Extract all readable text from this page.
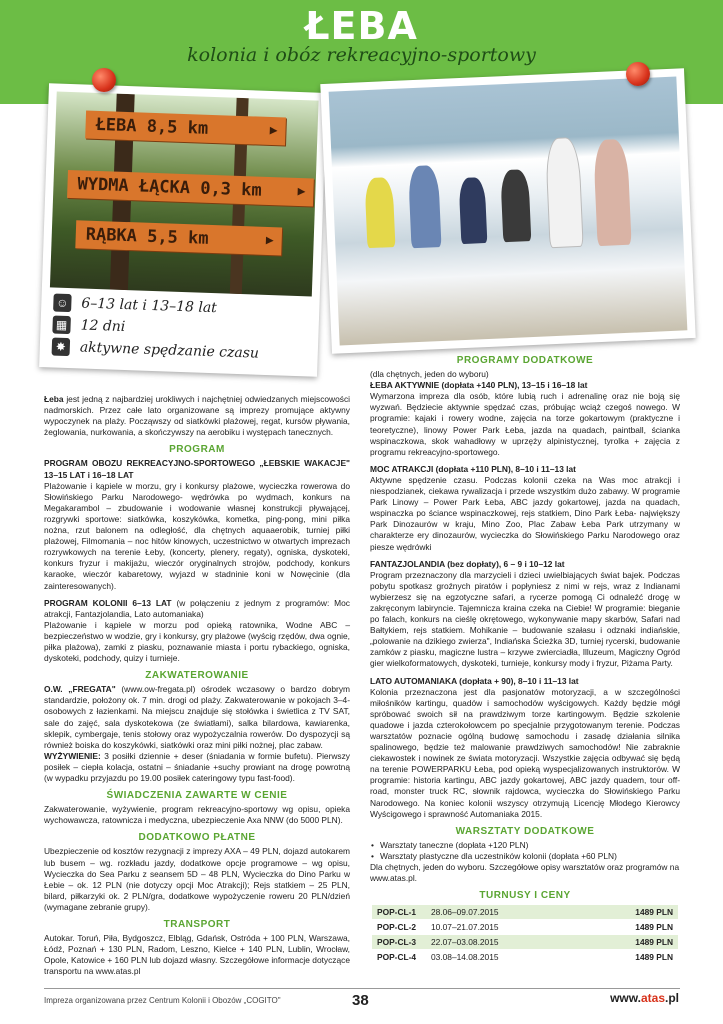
ŁEBA
kolonia i obóz rekreacyjno-sportowy
ŁEBA 8,5 km ▶
WYDMA ŁĄCKA 0,3 km ▶
RĄBKA 5,5 km ▶
☺ 6–13 lat i 13–18 lat
▦ 12 dni
✸ aktywne spędzanie czasu

Łeba jest jedną z najbardziej urokliwych i najchętniej odwiedzanych miejscowości nadmorskich. Przez całe lato organizowane są imprezy promujące aktywny wypoczynek na plaży. Począwszy od siatkówki plażowej, regat, kursów pływania, żeglowania, nurkowania, a skończywszy na aerobiku i występach tanecznych.

PROGRAM

PROGRAM OBOZU REKREACYJNO-SPORTOWEGO „ŁEBSKIE WAKACJE" 13–15 LAT i 16–18 LAT
Plażowanie i kąpiele w morzu, gry i konkursy plażowe, wycieczka rowerowa do Słowińskiego Parku Narodowego- wędrówka po wydmach, konkurs na Megakarambol – zbudowanie i wodowanie własnej konstrukcji pływającej, rozgrywki sportowe: siatkówka, koszykówka, kometka, ping-pong, mini piłka nożna, rzut balonem na odległość, dla chętnych aquaaerobik, turniej piłki plażowej, Filmomania – noc hitów kinowych, uczestnictwo w otwartych imprezach rozrywkowych na terenie Łeby, (koncerty, plenery, regaty), ogniska, dyskoteki, konkurs fryzur i makijażu, wieczór oryginalnych strojów, podchody, konkurs karaoke, wieczór kabaretowy, wyjazd w stadninie koni w Nowęcinie (dla zainteresowanych).

PROGRAM KOLONII 6–13 LAT (w połączeniu z jednym z programów: Moc atrakcji, Fantazjolandia, Lato automaniaka)
Plażowanie i kąpiele w morzu pod opieką ratownika, Wodne ABC – bezpieczeństwo w wodzie, gry i konkursy, gry plażowe (wyścig rzędów, dwa ognie, piłka plażowa), zamki z piasku, poznawanie miasta i portu rybackiego, ogniska, dyskoteki, podchody, quizy i turnieje.

ZAKWATEROWANIE

O.W. „FREGATA" (www.ow-fregata.pl) ośrodek wczasowy o bardzo dobrym standardzie, położony ok. 7 min. drogi od plaży. Zakwaterowanie w pokojach 3–4-osobowych z łazienkami. Na miejscu znajduje się stołówka i świetlica z TV SAT, sale do zajęć, sala dyskotekowa (ze światłami), salka bilardowa, kawiarenka, sklepik, cymbergaje, tenis stołowy oraz wypożyczalnia rowerów. Do dyspozycji są również boiska do koszykówki, siatkówki oraz mini piłki nożnej, plac zabaw.

WYŻYWIENIE: 3 posiłki dziennie + deser (śniadania w formie bufetu). Pierwszy posiłek – ciepła kolacja, ostatni – śniadanie +suchy prowiant na drogę powrotną (w wypadku przyjazdu po 19.00 posiłek cateringowy typu fast-food).

ŚWIADCZENIA ZAWARTE W CENIE

Zakwaterowanie, wyżywienie, program rekreacyjno-sportowy wg opisu, opieka wychowawcza, ratownicza i medyczna, ubezpieczenie Axa NNW (do 5000 PLN).

DODATKOWO PŁATNE

Ubezpieczenie od kosztów rezygnacji z imprezy AXA – 49 PLN, dojazd autokarem lub busem – wg. rozkładu jazdy, dodatkowe opcje programowe – wg opisu, Wycieczka do Sea Parku z seansem 5D – 48 PLN, Wycieczka do Dino Parku w Łebie – ok. 12 PLN (nie dotyczy opcji Moc Atrakcji); Rejs statkiem – 25 PLN, bilard, piłkarzyki ok. 2 PLN/gra, dodatkowe wypożyczenie roweru 20 PLN/dzień (wymagane zebranie grupy).

TRANSPORT

Autokar. Toruń, Piła, Bydgoszcz, Elbląg, Gdańsk, Ostróda + 100 PLN, Warszawa, Łódź, Poznań + 130 PLN, Radom, Leszno, Kielce + 140 PLN, Lublin, Wrocław, Opole, Katowice + 160 PLN lub dojazd własny. Szczegółowe informacje dotyczące transportu na www.atas.pl

PROGRAMY DODATKOWE
(dla chętnych, jeden do wyboru)

ŁEBA AKTYWNIE (dopłata +140 PLN), 13–15 i 16–18 lat
Wymarzona impreza dla osób, które lubią ruch i adrenalinę oraz nie boją się wyzwań. Będziecie aktywnie spędzać czas, próbując wciąż czegoś nowego. W programie: kajaki i rowery wodne, zajęcia na torze gokartowym (praktyczne i teoretyczne), linowy Power Park Łeba, jazda na quadach, paintball, ścianka wspinaczkowa, skok wahadłowy w uprzęży alpinistycznej, tyrolka + zajęcia z programu rekreacyjno-sportowego.

MOC ATRAKCJI (dopłata +110 PLN), 8–10 i 11–13 lat
Aktywne spędzenie czasu. Podczas kolonii czeka na Was moc atrakcji i niespodzianek, ciekawa rywalizacja i przede wszystkim dużo zabawy. W programie Park Linowy – Power Park Łeba, ABC jazdy gokartowej, jazda na quadach, wspinaczka po ściance wspinaczkowej, rejs statkiem, Dino Park Łeba- największy Park Dinozaurów w kraju, Mino Zoo, Plac Zabaw Łeba Park utrzymany w charakterze ery dinozaurów, wycieczka do Słowińskiego Parku Narodowego oraz piesze wędrówki

FANTAZJOLANDIA (bez dopłaty), 6 – 9 i 10–12 lat
Program przeznaczony dla marzycieli i dzieci uwielbiających świat bajek. Podczas pobytu spotkasz groźnych piratów i popłyniesz z nimi w rejs, wraz z Indianami wybierzesz się na egzotyczne safari, a rycerze pomogą Ci odnaleźć drogę w zakręconym labiryncie. Tajemnicza kraina czeka na Ciebie! W programie: bieganie po falach, konkurs na cieślę okrętowego, wykonywanie mapy skarbów, Safari nad Bałtykiem, rejs statkiem. Mohikanie – budowanie szałasu i odznaki indiańskie, „polowanie na dzikiego zwierza", Indiańska Ścieżka 3D, turniej rycerski, budowanie zamków z piasku, magiczne lustra – krzywe zwierciadła, Illuzeum, Magiczny Ogród gier wielkoformatowych, dyskoteki, turnieje, konkursy mody i fryzur, Piżama Party.

LATO AUTOMANIAKA (dopłata + 90), 8–10 i 11–13 lat
Kolonia przeznaczona jest dla pasjonatów motoryzacji, a w szczególności miłośników kartingu, quadów i samochodów wyścigowych. Każdy będzie mógł spróbować swoich sił na prawdziwym torze kartingowym. Będzie szkolenie quadowe i jazda czterokołowcem po specjalnie przygotowanym terenie. Podczas warsztatów poznacie ogólną budowę samochodu i zasadę działania silnika spalinowego, będzie też malowanie prawdziwych samochodów! Nie zabraknie ciekawostek i nowinek ze świata motoryzacji. Wszystkie zajęcia odbywać się będą na terenie POWERPARKU Łeba, pod opieką wyspecjalizowanych instruktorów. W programie: historia kartingu, ABC jazdy gokartowej, ABC jazdy quadem, tour off-road, monster truck RC, słownik rajdowca, wycieczka do Słowińskiego Parku Narodowego. Na koniec kolonii wszyscy otrzymują Licencję Młodego Kierowcy Wyścigowego i sprawność Automaniaka 2015.

WARSZTATY DODATKOWE
• Warsztaty taneczne (dopłata +120 PLN)
• Warsztaty plastyczne dla uczestników kolonii (dopłata +60 PLN)

Dla chętnych, jeden do wyboru. Szczegółowe opisy warsztatów oraz programów na www.atas.pl.

TURNUSY I CENY
POP-CL-1	28.06–09.07.2015	1489 PLN
POP-CL-2	10.07–21.07.2015	1489 PLN
POP-CL-3	22.07–03.08.2015	1489 PLN
POP-CL-4	03.08–14.08.2015	1489 PLN
Impreza organizowana przez Centrum Kolonii i Obozów „COGITO"	38	www.atas.pl
